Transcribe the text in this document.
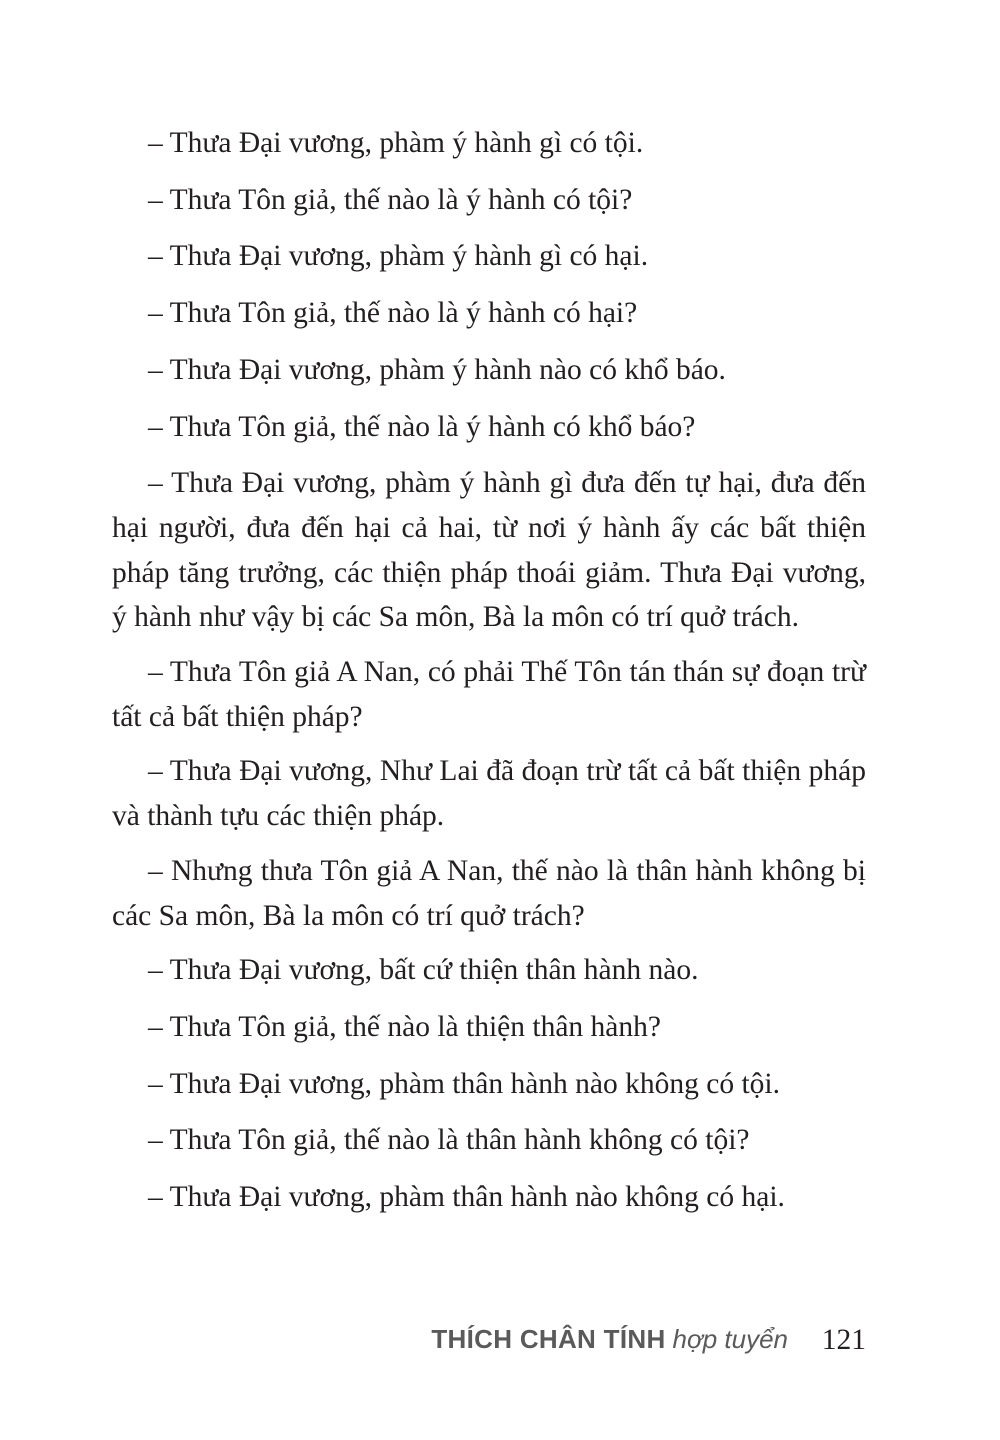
– Thưa Đại vương, phàm ý hành gì có tội.

– Thưa Tôn giả, thế nào là ý hành có tội?

– Thưa Đại vương, phàm ý hành gì có hại.

– Thưa Tôn giả, thế nào là ý hành có hại?

– Thưa Đại vương, phàm ý hành nào có khổ báo.

– Thưa Tôn giả, thế nào là ý hành có khổ báo?

– Thưa Đại vương, phàm ý hành gì đưa đến tự hại, đưa đến hại người, đưa đến hại cả hai, từ nơi ý hành ấy các bất thiện pháp tăng trưởng, các thiện pháp thoái giảm. Thưa Đại vương, ý hành như vậy bị các Sa môn, Bà la môn có trí quở trách.

– Thưa Tôn giả A Nan, có phải Thế Tôn tán thán sự đoạn trừ tất cả bất thiện pháp?

– Thưa Đại vương, Như Lai đã đoạn trừ tất cả bất thiện pháp và thành tựu các thiện pháp.

– Nhưng thưa Tôn giả A Nan, thế nào là thân hành không bị các Sa môn, Bà la môn có trí quở trách?

– Thưa Đại vương, bất cứ thiện thân hành nào.

– Thưa Tôn giả, thế nào là thiện thân hành?

– Thưa Đại vương, phàm thân hành nào không có tội.

– Thưa Tôn giả, thế nào là thân hành không có tội?

– Thưa Đại vương, phàm thân hành nào không có hại.

THÍCH CHÂN TÍNH hợp tuyển 121
